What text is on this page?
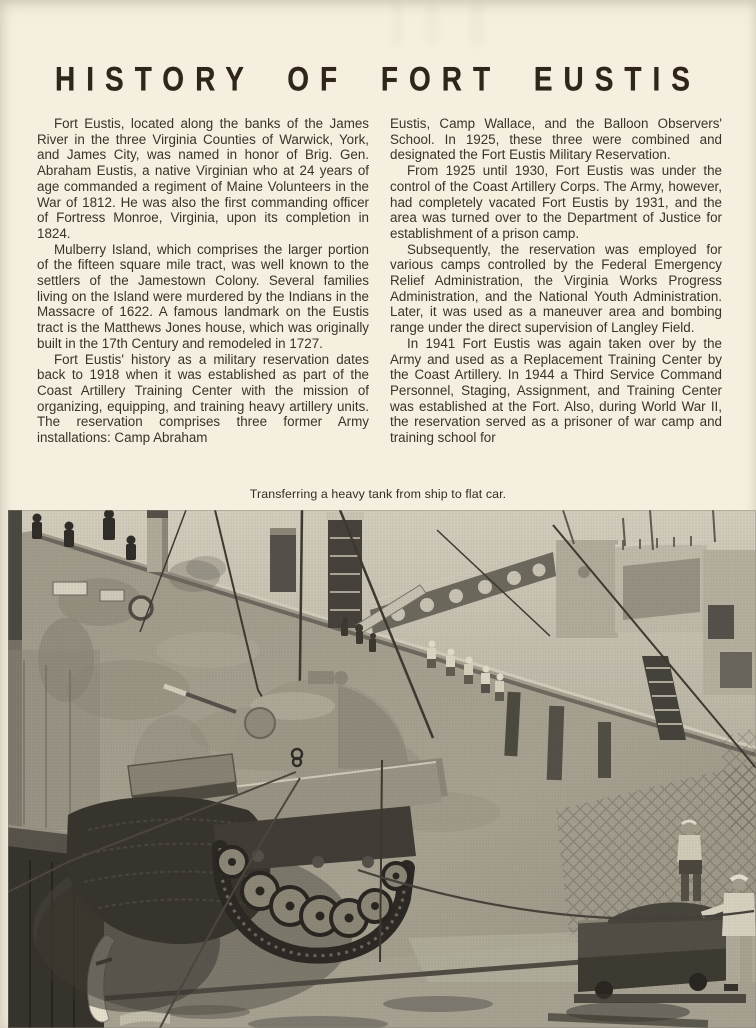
HISTORY OF FORT EUSTIS

Fort Eustis, located along the banks of the James River in the three Virginia Counties of Warwick, York, and James City, was named in honor of Brig. Gen. Abraham Eustis, a native Virginian who at 24 years of age commanded a regiment of Maine Volunteers in the War of 1812. He was also the first commanding officer of Fortress Monroe, Virginia, upon its completion in 1824.

Mulberry Island, which comprises the larger portion of the fifteen square mile tract, was well known to the settlers of the Jamestown Colony. Several families living on the Island were murdered by the Indians in the Massacre of 1622. A famous landmark on the Eustis tract is the Matthews Jones house, which was originally built in the 17th Century and remodeled in 1727.

Fort Eustis' history as a military reservation dates back to 1918 when it was established as part of the Coast Artillery Training Center with the mission of organizing, equipping, and training heavy artillery units. The reservation comprises three former Army installations: Camp Abraham

Eustis, Camp Wallace, and the Balloon Observers' School. In 1925, these three were combined and designated the Fort Eustis Military Reservation.

From 1925 until 1930, Fort Eustis was under the control of the Coast Artillery Corps. The Army, however, had completely vacated Fort Eustis by 1931, and the area was turned over to the Department of Justice for establishment of a prison camp.

Subsequently, the reservation was employed for various camps controlled by the Federal Emergency Relief Administration, the Virginia Works Progress Administration, and the National Youth Administration. Later, it was used as a maneuver area and bombing range under the direct supervision of Langley Field.

In 1941 Fort Eustis was again taken over by the Army and used as a Replacement Training Center by the Coast Artillery. In 1944 a Third Service Command Personnel, Staging, Assignment, and Training Center was established at the Fort. Also, during World War II, the reservation served as a prisoner of war camp and training school for

Transferring a heavy tank from ship to flat car.
